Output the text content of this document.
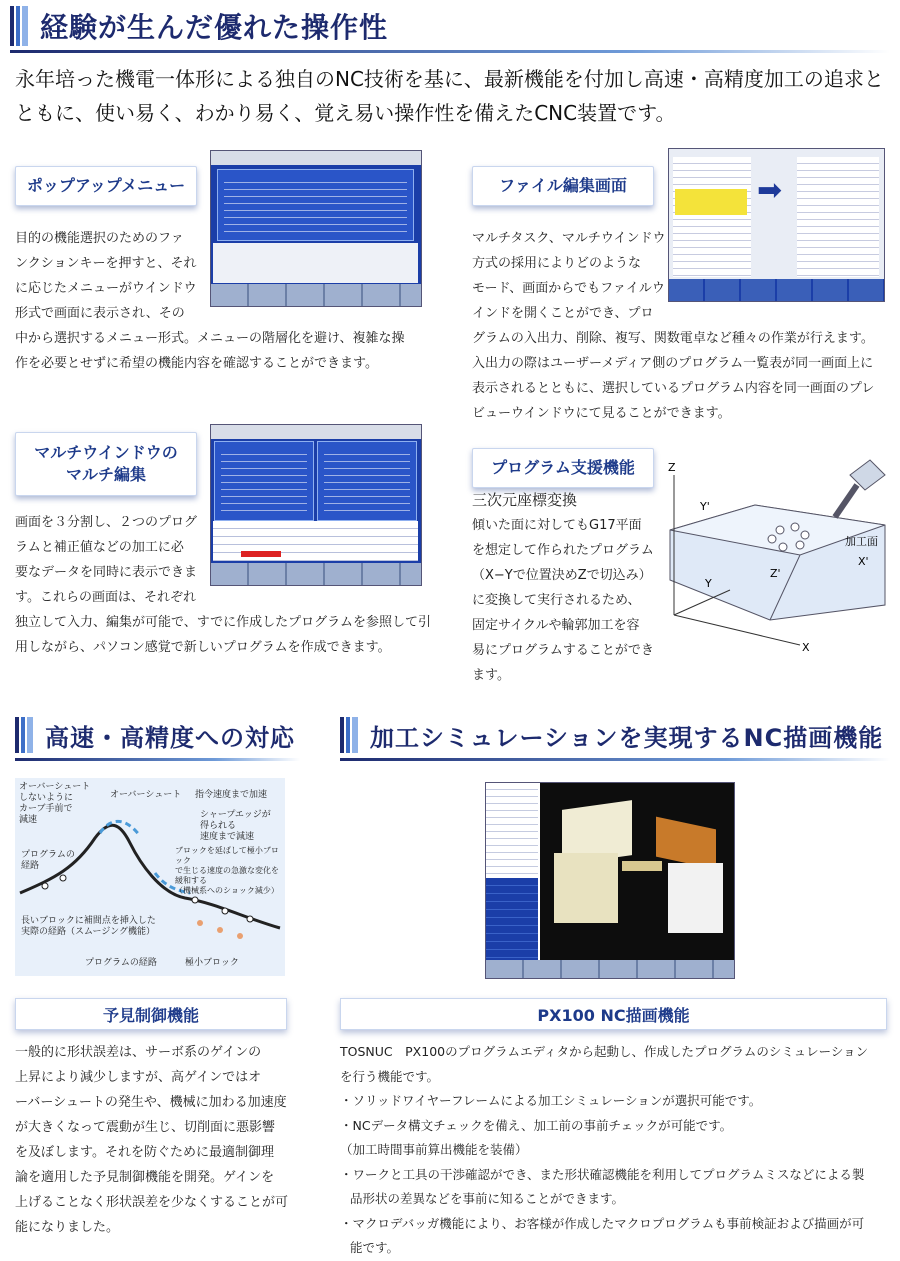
経験が生んだ優れた操作性
永年培った機電一体形による独自のNC技術を基に、最新機能を付加し高速・高精度加工の追求と
ともに、使い易く、わかり易く、覚え易い操作性を備えたCNC装置です。
ポップアップメニュー
目的の機能選択のためのファ
ンクションキーを押すと、それ
に応じたメニューがウインドウ
形式で画面に表示され、その
中から選択するメニュー形式。メニューの階層化を避け、複雑な操
作を必要とせずに希望の機能内容を確認することができます。
ファイル編集画面	➡
マルチタスク、マルチウインドウ
方式の採用によりどのような
モード、画面からでもファイルウ
インドを開くことができ、プロ
グラムの入出力、削除、複写、関数電卓など種々の作業が行えます。
入出力の際はユーザーメディア側のプログラム一覧表が同一画面上に
表示されるとともに、選択しているプログラム内容を同一画面のプレ
ビューウインドウにて見ることができます。
マルチウインドウの
マルチ編集
画面を３分割し、２つのプログ
ラムと補正値などの加工に必
要なデータを同時に表示できま
す。これらの画面は、それぞれ
独立して入力、編集が可能で、すでに作成したプログラムを参照して引
用しながら、パソコン感覚で新しいプログラムを作成できます。
プログラム支援機能
三次元座標変換
傾いた面に対してもG17平面
を想定して作られたプログラム
（X−Yで位置決めZで切込み）
に変換して実行されるため、
固定サイクルや輪郭加工を容
易にプログラムすることができ
ます。
Z
Y'
加工面
X'
Z'
Y
X
高速・高精度への対応
オーバーシュート
しないように
カーブ手前で
減速
オーバーシュート 指令速度まで加速
シャープエッジが
得られる
速度まで減速
ブロックを延ばして極小ブロック
で生じる速度の急激な変化を
緩和する
（機械系へのショック減少）
プログラムの
経路
長いブロックに補間点を挿入した
実際の経路（スムージング機能）
プログラムの経路	極小ブロック
予見制御機能
一般的に形状誤差は、サーボ系のゲインの
上昇により減少しますが、高ゲインではオ
ーバーシュートの発生や、機械に加わる加速度
が大きくなって震動が生じ、切削面に悪影響
を及ぼします。それを防ぐために最適制御理
論を適用した予見制御機能を開発。ゲインを
上げることなく形状誤差を少なくすることが可
能になりました。
加工シミュレーションを実現するNC描画機能
PX100 NC描画機能
TOSNUC　PX100のプログラムエディタから起動し、作成したプログラムのシミュレーション
を行う機能です。
・ソリッドワイヤーフレームによる加工シミュレーションが選択可能です。
・NCデータ構文チェックを備え、加工前の事前チェックが可能です。
（加工時間事前算出機能を装備）
・ワークと工具の干渉確認ができ、また形状確認機能を利用してプログラムミスなどによる製
品形状の差異などを事前に知ることができます。
・マクロデバッガ機能により、お客様が作成したマクロプログラムも事前検証および描画が可
能です。
